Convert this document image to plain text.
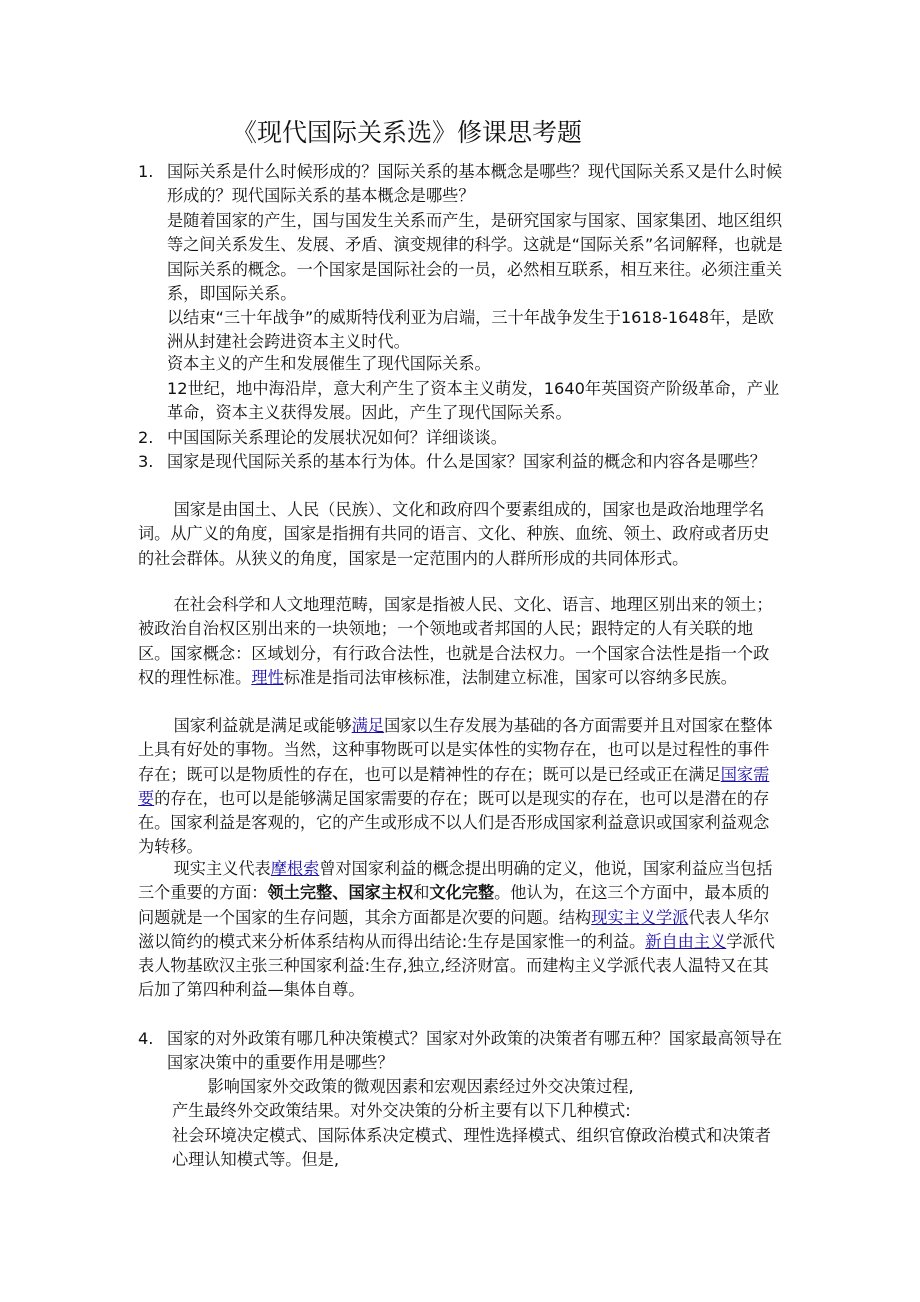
《现代国际关系选》修课思考题
1. 国际关系是什么时候形成的？国际关系的基本概念是哪些？现代国际关系又是什么时候形成的？现代国际关系的基本概念是哪些？
是随着国家的产生，国与国发生关系而产生，是研究国家与国家、国家集团、地区组织等之间关系发生、发展、矛盾、演变规律的科学。这就是“国际关系”名词解释，也就是国际关系的概念。一个国家是国际社会的一员，必然相互联系，相互来往。必须注重关系，即国际关系。
以结束“三十年战争”的威斯特伐利亚为启端，三十年战争发生于1618-1648年，是欧洲从封建社会跨进资本主义时代。
资本主义的产生和发展催生了现代国际关系。
12世纪，地中海沿岸，意大利产生了资本主义萌发，1640年英国资产阶级革命，产业革命，资本主义获得发展。因此，产生了现代国际关系。
2. 中国国际关系理论的发展状况如何？详细谈谈。
3. 国家是现代国际关系的基本行为体。什么是国家？国家利益的概念和内容各是哪些？
国家是由国土、人民（民族）、文化和政府四个要素组成的，国家也是政治地理学名词。从广义的角度，国家是指拥有共同的语言、文化、种族、血统、领土、政府或者历史的社会群体。从狭义的角度，国家是一定范围内的人群所形成的共同体形式。
在社会科学和人文地理范畴，国家是指被人民、文化、语言、地理区别出来的领土；被政治自治权区别出来的一块领地；一个领地或者邦国的人民；跟特定的人有关联的地区。国家概念：区域划分，有行政合法性，也就是合法权力。一个国家合法性是指一个政权的理性标准。理性标准是指司法审核标准，法制建立标准，国家可以容纳多民族。
国家利益就是满足或能够满足国家以生存发展为基础的各方面需要并且对国家在整体上具有好处的事物。当然，这种事物既可以是实体性的实物存在，也可以是过程性的事件存在；既可以是物质性的存在，也可以是精神性的存在；既可以是已经或正在满足国家需要的存在，也可以是能够满足国家需要的存在；既可以是现实的存在，也可以是潜在的存在。国家利益是客观的，它的产生或形成不以人们是否形成国家利益意识或国家利益观念为转移。
现实主义代表摩根索曾对国家利益的概念提出明确的定义，他说，国家利益应当包括三个重要的方面：领土完整、国家主权和文化完整。他认为，在这三个方面中，最本质的问题就是一个国家的生存问题，其余方面都是次要的问题。结构现实主义学派代表人华尔滋以简约的模式来分析体系结构从而得出结论:生存是国家惟一的利益。新自由主义学派代表人物基欧汉主张三种国家利益:生存,独立,经济财富。而建构主义学派代表人温特又在其后加了第四种利益—集体自尊。
4. 国家的对外政策有哪几种决策模式？国家对外政策的决策者有哪五种？国家最高领导在国家决策中的重要作用是哪些？
影响国家外交政策的微观因素和宏观因素经过外交决策过程,
产生最终外交政策结果。对外交决策的分析主要有以下几种模式:
社会环境决定模式、国际体系决定模式、理性选择模式、组织官僚政治模式和决策者心理认知模式等。但是,
